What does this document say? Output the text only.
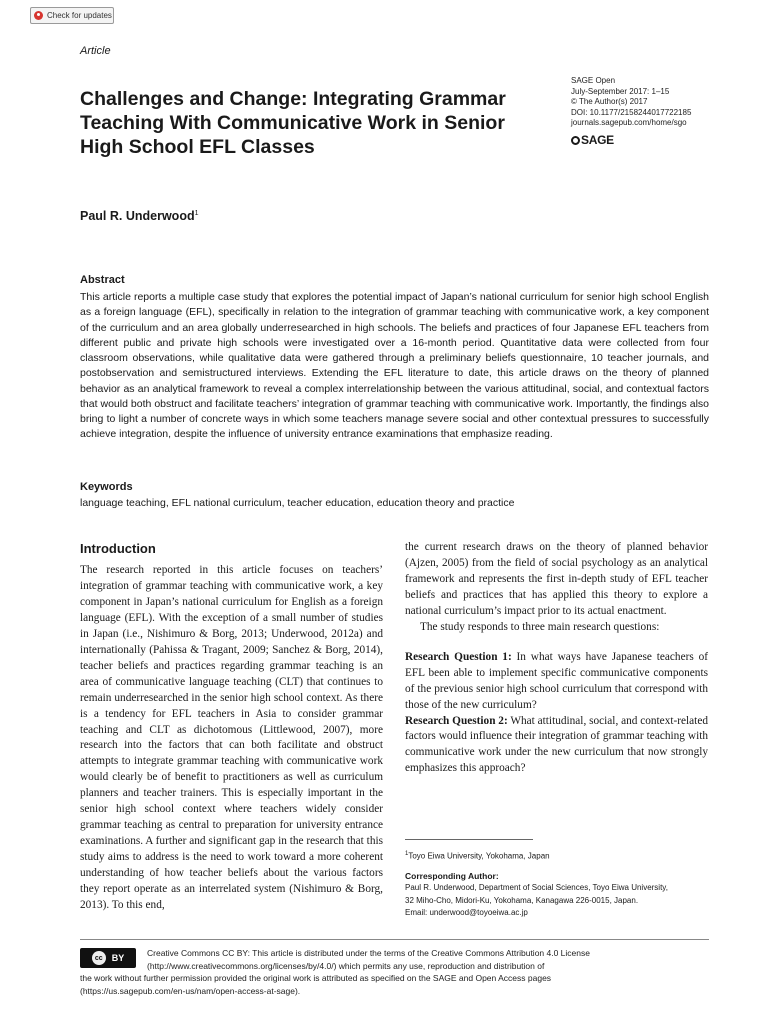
Check for updates
Article
Challenges and Change: Integrating Grammar Teaching With Communicative Work in Senior High School EFL Classes
SAGE Open
July-September 2017: 1–15
© The Author(s) 2017
DOI: 10.1177/2158244017722185
journals.sagepub.com/home/sgo
SAGE
Paul R. Underwood$^1$
Abstract
This article reports a multiple case study that explores the potential impact of Japan’s national curriculum for senior high school English as a foreign language (EFL), specifically in relation to the integration of grammar teaching with communicative work, a key component of the curriculum and an area globally underresearched in high schools. The beliefs and practices of four Japanese EFL teachers from different public and private high schools were investigated over a 16-month period. Quantitative data were collected from four classroom observations, while qualitative data were gathered through a preliminary beliefs questionnaire, 10 teacher journals, and postobservation and semistructured interviews. Extending the EFL literature to date, this article draws on the theory of planned behavior as an analytical framework to reveal a complex interrelationship between the various attitudinal, social, and contextual factors that would both obstruct and facilitate teachers’ integration of grammar teaching with communicative work. Importantly, the findings also bring to light a number of concrete ways in which some teachers manage severe social and other contextual pressures to successfully achieve integration, despite the influence of university entrance examinations that emphasize reading.
Keywords
language teaching, EFL national curriculum, teacher education, education theory and practice
Introduction
The research reported in this article focuses on teachers’ integration of grammar teaching with communicative work, a key component in Japan’s national curriculum for English as a foreign language (EFL). With the exception of a small number of studies in Japan (i.e., Nishimuro & Borg, 2013; Underwood, 2012a) and internationally (Pahissa & Tragant, 2009; Sanchez & Borg, 2014), teacher beliefs and practices regarding grammar teaching is an area of communicative language teaching (CLT) that continues to remain underresearched in the senior high school context. As there is a tendency for EFL teachers in Asia to consider grammar teaching and CLT as dichotomous (Littlewood, 2007), more research into the factors that can both facilitate and obstruct attempts to integrate grammar teaching with communicative work would clearly be of benefit to practitioners as well as curriculum planners and teacher trainers. This is especially important in the senior high school context where teachers widely consider grammar teaching as central to preparation for university entrance examinations. A further and significant gap in the research that this study aims to address is the need to work toward a more coherent understanding of how teacher beliefs about the various factors they report operate as an interrelated system (Nishimuro & Borg, 2013). To this end,

the current research draws on the theory of planned behavior (Ajzen, 2005) from the field of social psychology as an analytical framework and represents the first in-depth study of EFL teacher beliefs and practices that has applied this theory to explore a national curriculum’s impact prior to its actual enactment.

The study responds to three main research questions:

Research Question 1: In what ways have Japanese teachers of EFL been able to implement specific communicative components of the previous senior high school curriculum that correspond with those of the new curriculum?

Research Question 2: What attitudinal, social, and context-related factors would influence their integration of grammar teaching with communicative work under the new curriculum that now strongly emphasizes this approach?

$^1$Toyo Eiwa University, Yokohama, Japan
Corresponding Author:
Paul R. Underwood, Department of Social Sciences, Toyo Eiwa University,
32 Miho-Cho, Midori-Ku, Yokohama, Kanagawa 226-0015, Japan.
Email: underwood@toyoeiwa.ac.jp
cc	BY	Creative Commons CC BY: This article is distributed under the terms of the Creative Commons Attribution 4.0 License
(http://www.creativecommons.org/licenses/by/4.0/) which permits any use, reproduction and distribution of
the work without further permission provided the original work is attributed as specified on the SAGE and Open Access pages
(https://us.sagepub.com/en-us/nam/open-access-at-sage).
